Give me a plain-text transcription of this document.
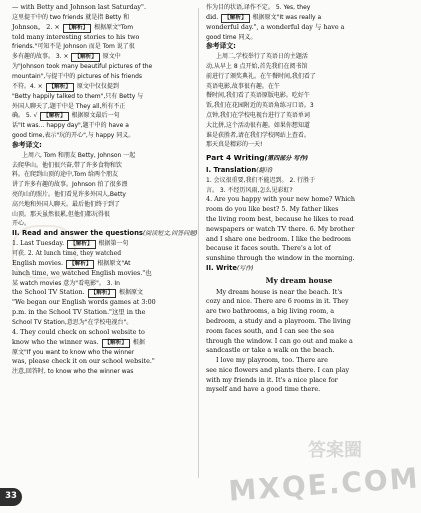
— with Betty and Johnson last Saturday".
这里提干中的 two friends 就是指 Betty 和
Johnson。 2. × 【解析】 根据原文"Tom
told many interesting stories to his two
friends."可知不是 Johnson 而是 Tom 说了很
多有趣的故事。 3. × 【解析】 原文中
为"Johnson took many beautiful pictures of the
mountain",与提干中的 pictures of his friends
不符。4. × 【解析】 原文中仅仅提到
"Betty happily talked to them",只有 Betty 与
外国人聊天了,题干中是 They all,所有不正
确。 5. √ 【解析】 根据原文最后一句
话"It was… happy day",题干中的 have a
good time,表示"玩的开心",与 happy 同义。
参考译文:
上周六, Tom 和朋友 Betty, Johnson 一起
去爬华山。他们很兴奋,带了许多食物和饮
料。在爬到山顶的途中,Tom 给两个朋友
讲了许多有趣的故事。Johnson 拍了很多漂
亮的山的照片。他们看见许多外国人,Betty
高兴地和外国人聊天。最后他们终于到了
山顶。那天虽然很累,但他们都玩得很
开心。
II. Read and answer the questions(阅读短文,回答问题)
1. Last Tuesday. 【解析】 根据第一句
可获. 2. At lunch time, they watched
English movies. 【解析】 根据原文"At
lunch time, we watched English movies."也
某 watch movies 意为"看电影"。 3. In
the School TV Station. 【解析】 根据原文
"We began our English words games at 3:00
p.m. in the School TV Station."这里 in the
School TV Station,意思为"在学校电视台"。
4. They could check on school website to
know who the winner was. 【解析】 根据
原文"If you want to know who the winner
was, please check it on our school website."
注意,回答时, to know who the winner was
作为目的状语,译作不定。 5. Yes, they
did. 【解析】 根据原文"It was really a
wonderful day.", a wonderful day 与 have a
good time 同义。
参考译文:
上周二,学校举行了英语日的主题活
动,从早上 8 点开始,首先我们在阅书馆
前进行了颁奖典礼。在午餐时间,我们看了
英语电影,故事很有趣。在午
餐时间,我们看了英语原版电影。吃好午
饭,我们在花园附近的英语角练习口语。3
点钟,我们在学校电视台进行了英语单词
大比拼,这个活动很有趣。如果你想知道
谁是获胜者,请在我们学校网站上查看。
那天真是精彩的一天!
Part 4 Writing(第四部分 写作)
I. Translation(翻译)
1. 会议很重要,我们不能迟到。 2. 行胜于
言。 3. 不经历风雨,怎么见彩虹?
4. Are you happy with your new home? Which
room do you like best? 5. My father likes
the living room best, because he likes to read
newspapers or watch TV there. 6. My brother
and I share one bedroom. I like the bedroom
because it faces south. There's a lot of
sunshine through the window in the morning.
II. Write(写作)
My dream house
My dream house is near the beach. It's
cozy and nice. There are 6 rooms in it. They
are two bathrooms, a big living room, a
bedroom, a study and a playroom. The living
room faces south, and I can see the sea
through the window. I can go out and make a
sandcastle or take a walk on the beach.
I love my playroom, too. There are
see nice flowers and plants there. I can play
with my friends in it. It's a nice place for
myself and have a good time there.
答案圈
MXQE.COM
33
